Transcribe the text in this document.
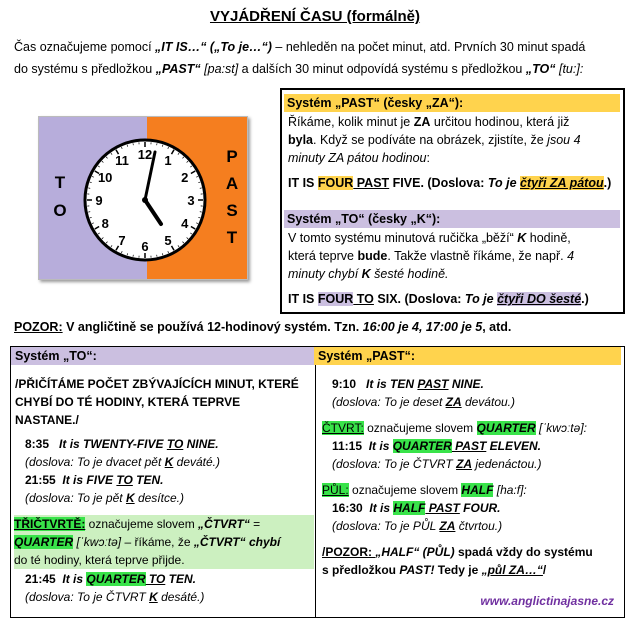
VYJÁDŘENÍ ČASU (formálně)
Čas označujeme pomocí „IT IS…“ („To je…“) – nehleděn na počet minut, atd. Prvních 30 minut spadá
do systému s předložkou „PAST“ [pa:st] a dalších 30 minut odpovídá systému s předložkou „TO“ [tu:]:
T
O
P
A
S
T
12 1
2
3
4
5
6
7
8
9
10
11
Systém „PAST“ (česky „ZA“):
Říkáme, kolik minut je ZA určitou hodinou, která již
byla. Když se podíváte na obrázek, zjistíte, že jsou 4
minuty ZA pátou hodinou:
IT IS FOUR PAST FIVE. (Doslova: To je čtyři ZA pátou.)
Systém „TO“ (česky „K“):
V tomto systému minutová ručička „běží“ K hodině,
která teprve bude. Takže vlastně říkáme, že např. 4
minuty chybí K šesté hodině.
IT IS FOUR TO SIX. (Doslova: To je čtyři DO šesté.)
POZOR: V angličtině se používá 12-hodinový systém. Tzn. 16:00 je 4, 17:00 je 5, atd.
Systém „TO“:
/PŘIČÍTÁME POČET ZBÝVAJÍCÍCH MINUT, KTERÉ
CHYBÍ DO TÉ HODINY, KTERÁ TEPRVE
NASTANE./
8:35 It is TWENTY-FIVE TO NINE.
(doslova: To je dvacet pět K deváté.)
21:55 It is FIVE TO TEN.
(doslova: To je pět K desítce.)
TŘIČTVRTĚ: označujeme slovem „ČTVRT“ =
QUARTER [ˈkwɔːtə] – říkáme, že „ČTVRT“ chybí
do té hodiny, která teprve přijde.
21:45 It is QUARTER TO TEN.
(doslova: To je ČTVRT K desáté.)
Systém „PAST“:
9:10 It is TEN PAST NINE.
(doslova: To je deset ZA devátou.)
ČTVRT: označujeme slovem QUARTER [ˈkwɔːtə]:
11:15 It is QUARTER PAST ELEVEN.
(doslova: To je ČTVRT ZA jedenáctou.)
PŮL: označujeme slovem HALF [ha:f]:
16:30 It is HALF PAST FOUR.
(doslova: To je PŮL ZA čtvrtou.)
/POZOR: „HALF“ (PŮL) spadá vždy do systému
s předložkou PAST! Tedy je „půl ZA…“/
www.anglictinajasne.cz
